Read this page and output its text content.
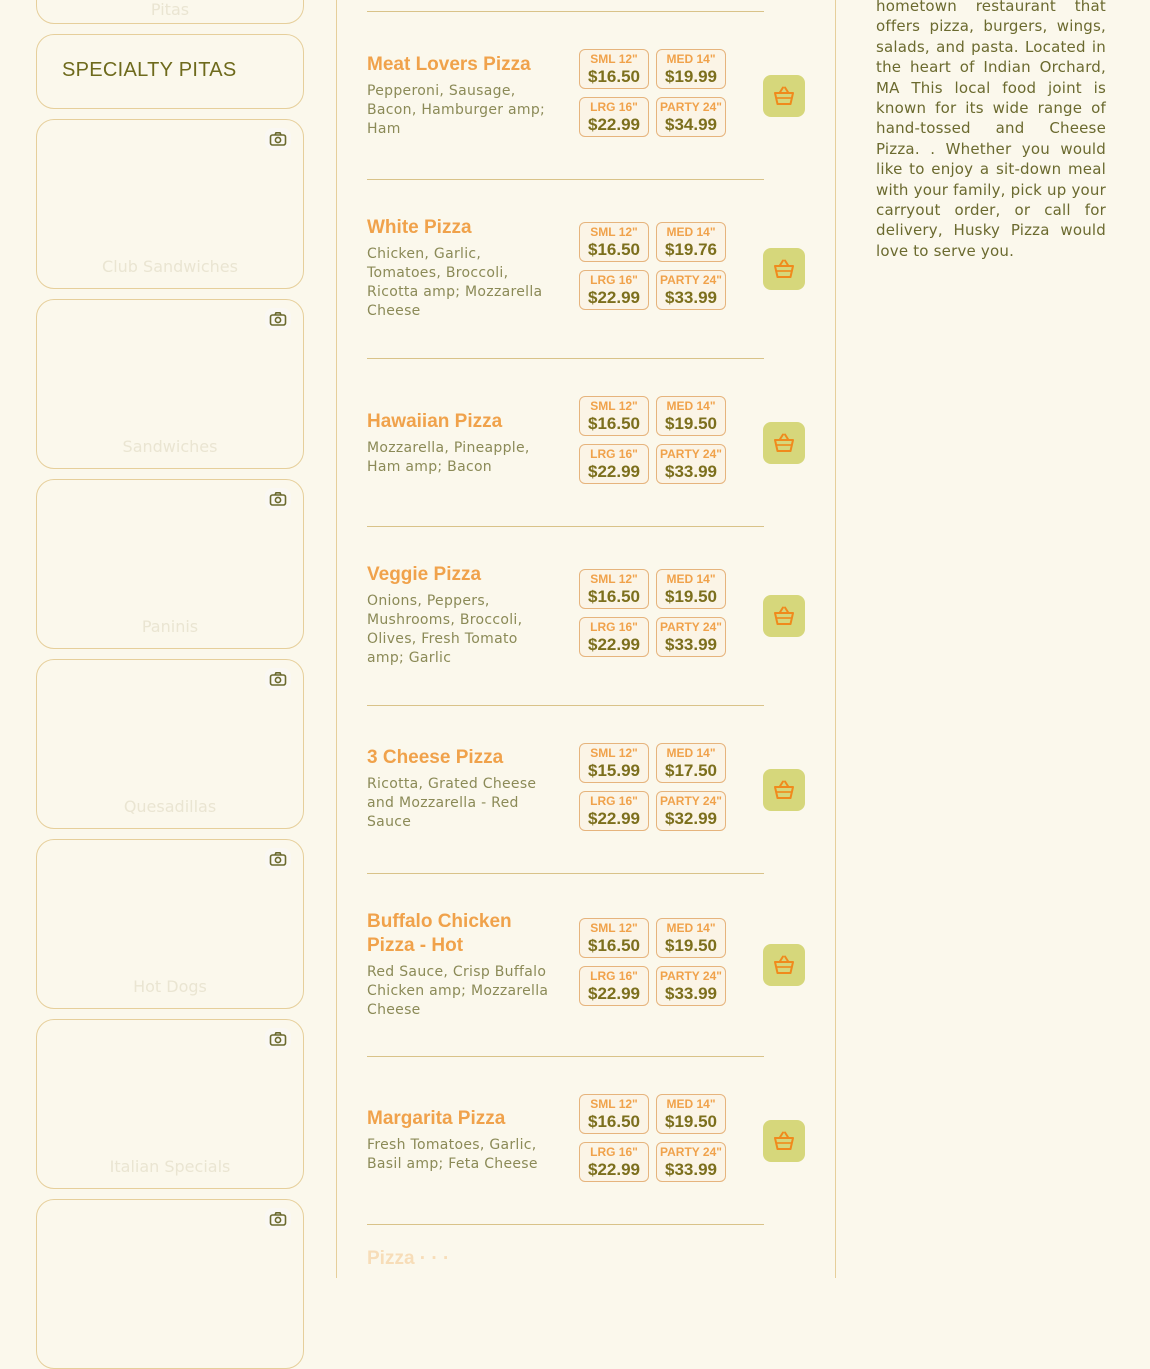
Pitas
SPECIALTY PITAS
Club Sandwiches
Sandwiches
Paninis
Quesadillas
Hot Dogs
Italian Specials
Meat Lovers Pizza
Pepperoni, Sausage, Bacon, Hamburger amp; Ham
SML 12"
$16.50
MED 14"
$19.99
LRG 16"
$22.99
PARTY 24"
$34.99
White Pizza
Chicken, Garlic, Tomatoes, Broccoli, Ricotta amp; Mozzarella Cheese
SML 12"
$16.50
MED 14"
$19.76
LRG 16"
$22.99
PARTY 24"
$33.99
Hawaiian Pizza
Mozzarella, Pineapple, Ham amp; Bacon
SML 12"
$16.50
MED 14"
$19.50
LRG 16"
$22.99
PARTY 24"
$33.99
Veggie Pizza
Onions, Peppers, Mushrooms, Broccoli, Olives, Fresh Tomato amp; Garlic
SML 12"
$16.50
MED 14"
$19.50
LRG 16"
$22.99
PARTY 24"
$33.99
3 Cheese Pizza
Ricotta, Grated Cheese and Mozzarella - Red Sauce
SML 12"
$15.99
MED 14"
$17.50
LRG 16"
$22.99
PARTY 24"
$32.99
Buffalo Chicken Pizza - Hot
Red Sauce, Crisp Buffalo Chicken amp; Mozzarella Cheese
SML 12"
$16.50
MED 14"
$19.50
LRG 16"
$22.99
PARTY 24"
$33.99
Margarita Pizza
Fresh Tomatoes, Garlic, Basil amp; Feta Cheese
SML 12"
$16.50
MED 14"
$19.50
LRG 16"
$22.99
PARTY 24"
$33.99
Pizza · · ·
hometown restaurant that offers pizza, burgers, wings, salads, and pasta. Located in the heart of Indian Orchard, MA This local food joint is known for its wide range of hand-tossed and Cheese Pizza. . Whether you would like to enjoy a sit-down meal with your family, pick up your carryout order, or call for delivery, Husky Pizza would love to serve you.
